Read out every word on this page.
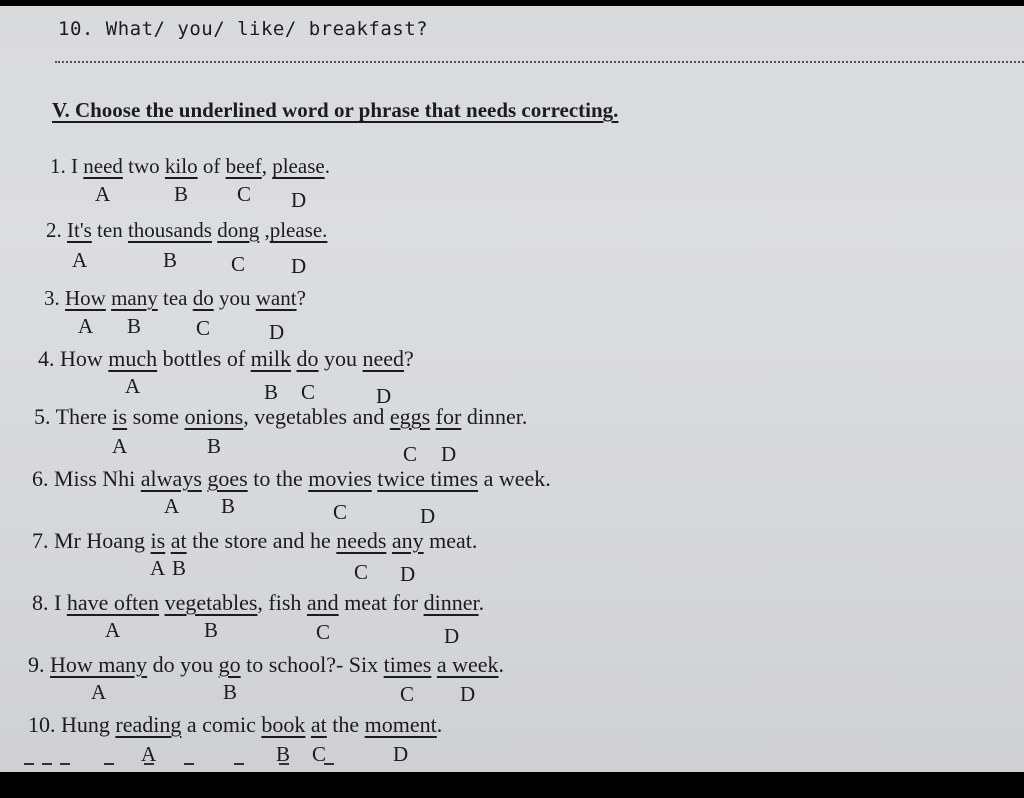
10. What/ you/ like/ breakfast?
V. Choose the underlined word or phrase that needs correcting.
1. I need two kilo of beef, please.
A	B C D
2. It's ten thousands dong ,please.
A	B	C D
3. How many tea do you want?
A B	C	D
4. How much bottles of milk do you need?
A	B C	D
5. There is some onions, vegetables and eggs for dinner.
A	B	C D
6. Miss Nhi always goes to the movies twice times a week.
A B	C	D
7. Mr Hoang is at the store and he needs any meat.
A B	C D
8. I have often vegetables, fish and meat for dinner.
A	B	C	D
9. How many do you go to school?- Six times a week.
A	B	C D
10. Hung reading a comic book at the moment.
A	B C	D
